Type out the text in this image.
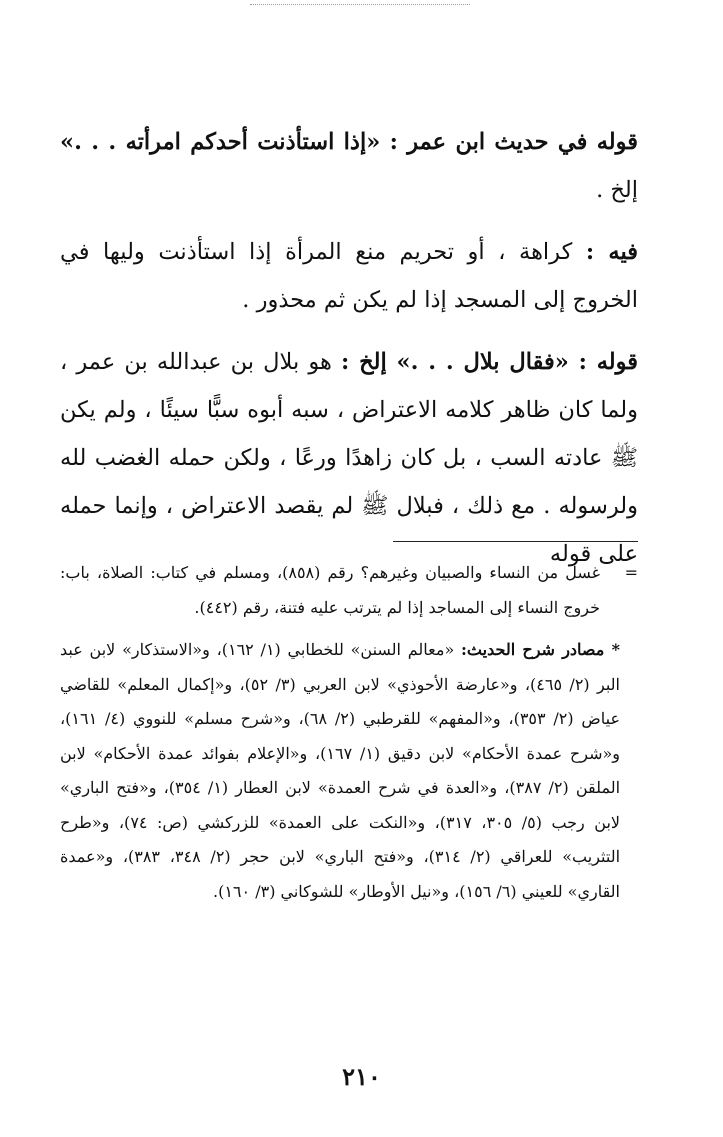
قوله في حديث ابن عمر : «إذا استأذنت أحدكم امرأته . . .» إلخ .

فيه : كراهة ، أو تحريم منع المرأة إذا استأذنت وليها في الخروج إلى المسجد إذا لم يكن ثم محذور .

قوله : «فقال بلال . . .» إلخ : هو بلال بن عبدالله بن عمر ، ولما كان ظاهر كلامه الاعتراض ، سبه أبوه سبًّا سيئًا ، ولم يكن ﷺ عادته السب ، بل كان زاهدًا ورعًا ، ولكن حمله الغضب لله ولرسوله . مع ذلك ، فبلال ﷺ لم يقصد الاعتراض ، وإنما حمله على قوله

=
غسل من النساء والصبيان وغيرهم؟ رقم (٨٥٨)، ومسلم في كتاب: الصلاة، باب: خروج النساء إلى المساجد إذا لم يترتب عليه فتنة، رقم (٤٤٢).

* مصادر شرح الحديث: «معالم السنن» للخطابي (١/ ١٦٢)، و«الاستذكار» لابن عبد البر (٢/ ٤٦٥)، و«عارضة الأحوذي» لابن العربي (٣/ ٥٢)، و«إكمال المعلم» للقاضي عياض (٢/ ٣٥٣)، و«المفهم» للقرطبي (٢/ ٦٨)، و«شرح مسلم» للنووي (٤/ ١٦١)، و«شرح عمدة الأحكام» لابن دقيق (١/ ١٦٧)، و«الإعلام بفوائد عمدة الأحكام» لابن الملقن (٢/ ٣٨٧)، و«العدة في شرح العمدة» لابن العطار (١/ ٣٥٤)، و«فتح الباري» لابن رجب (٥/ ٣٠٥، ٣١٧)، و«النكت على العمدة» للزركشي (ص: ٧٤)، و«طرح التثريب» للعراقي (٢/ ٣١٤)، و«فتح الباري» لابن حجر (٢/ ٣٤٨، ٣٨٣)، و«عمدة القاري» للعيني (٦/ ١٥٦)، و«نيل الأوطار» للشوكاني (٣/ ١٦٠).

٢١٠
